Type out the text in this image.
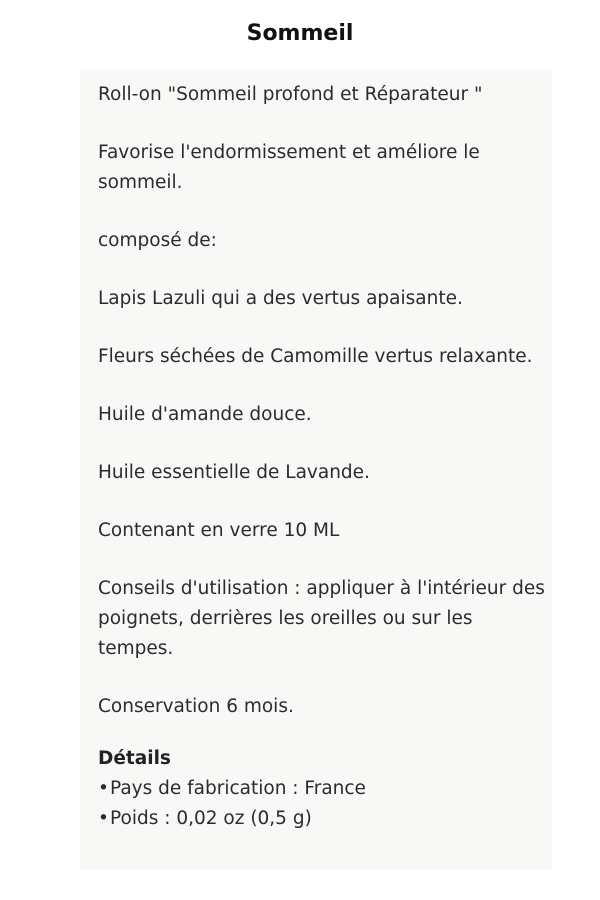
Sommeil

Roll-on "Sommeil profond et Réparateur "

Favorise l'endormissement et améliore le sommeil.

composé de:

Lapis Lazuli qui a des vertus apaisante.

Fleurs séchées de Camomille vertus relaxante.

Huile d'amande douce.

Huile essentielle de Lavande.

Contenant en verre 10 ML

Conseils d'utilisation : appliquer à l'intérieur des poignets, derrières les oreilles ou sur les tempes.

Conservation 6 mois.

Détails

•Pays de fabrication : France

•Poids : 0,02 oz (0,5 g)
